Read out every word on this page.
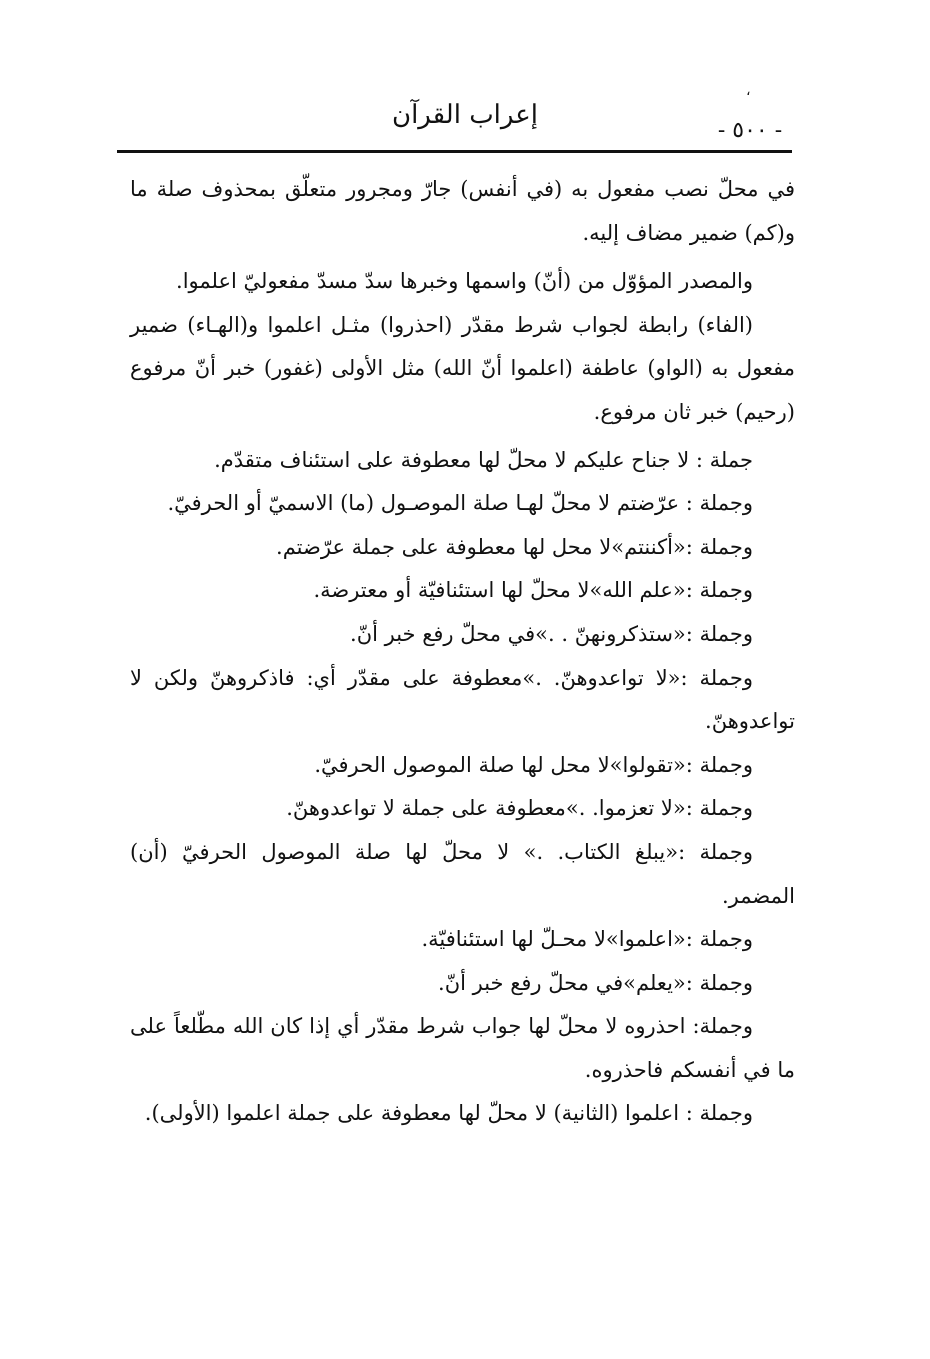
،
إعراب القرآن
- ٥٠٠ -

في محلّ نصب مفعول به (في أنفس) جارّ ومجرور متعلّق بمحذوف صلة ما و(كم) ضمير مضاف إليه.

والمصدر المؤوّل من (أنّ) واسمها وخبرها سدّ مسدّ مفعوليّ اعلموا.

(الفاء) رابطة لجواب شرط مقدّر (احذروا) مثـل اعلموا و(الهـاء) ضمير مفعول به (الواو) عاطفة (اعلموا أنّ الله) مثل الأولى (غفور) خبر أنّ مرفوع (رحيم) خبر ثان مرفوع.

جملة : لا جناح عليكم لا محلّ لها معطوفة على استئناف متقدّم.

وجملة : عرّضتم لا محلّ لهـا صلة الموصـول (ما) الاسميّ أو الحرفيّ.

وجملة :«أكننتم»لا محل لها معطوفة على جملة عرّضتم.

وجملة :«علم الله»لا محلّ لها استئنافيّة أو معترضة.

وجملة :«ستذكرونهنّ . .»في محلّ رفع خبر أنّ.

وجملة :«لا تواعدوهنّ. .»معطوفة على مقدّر أي: فاذكروهنّ ولكن لا تواعدوهنّ.

وجملة :«تقولوا»لا محل لها صلة الموصول الحرفيّ.

وجملة :«لا تعزموا. .»معطوفة على جملة لا تواعدوهنّ.

وجملة :«يبلغ الكتاب. .» لا محلّ لها صلة الموصول الحرفيّ (أن) المضمر.

وجملة :«اعلموا»لا محـلّ لها استئنافيّة.

وجملة :«يعلم»في محلّ رفع خبر أنّ.

وجملة: احذروه لا محلّ لها جواب شرط مقدّر أي إذا كان الله مطّلعاً على ما في أنفسكم فاحذروه.

وجملة : اعلموا (الثانية) لا محلّ لها معطوفة على جملة اعلموا (الأولى).
